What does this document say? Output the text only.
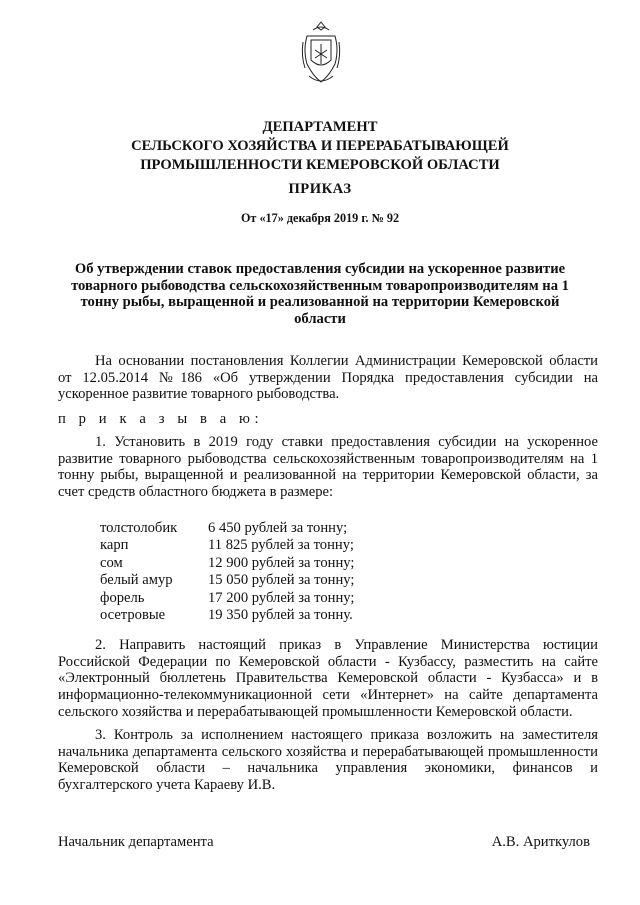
ДЕПАРТАМЕНТ
СЕЛЬСКОГО ХОЗЯЙСТВА И ПЕРЕРАБАТЫВАЮЩЕЙ
ПРОМЫШЛЕННОСТИ КЕМЕРОВСКОЙ ОБЛАСТИ
ПРИКАЗ
От «17» декабря 2019 г. № 92
Об утверждении ставок предоставления субсидии на ускоренное развитие товарного рыбоводства сельскохозяйственным товаропроизводителям на 1 тонну рыбы, выращенной и реализованной на территории Кемеровской области
На основании постановления Коллегии Администрации Кемеровской области от 12.05.2014 №186 «Об утверждении Порядка предоставления субсидии на ускоренное развитие товарного рыбоводства.
п р и к а з ы в а ю:
1. Установить в 2019 году ставки предоставления субсидии на ускоренное развитие товарного рыбоводства сельскохозяйственным товаропроизводителям на 1 тонну рыбы, выращенной и реализованной на территории Кемеровской области, за счет средств областного бюджета в размере:
толстолобик	6 450 рублей за тонну;
карп	11 825 рублей за тонну;
сом	12 900 рублей за тонну;
белый амур	15 050 рублей за тонну;
форель	17 200 рублей за тонну;
осетровые	19 350 рублей за тонну.
2. Направить настоящий приказ в Управление Министерства юстиции Российской Федерации по Кемеровской области - Кузбассу, разместить на сайте «Электронный бюллетень Правительства Кемеровской области - Кузбасса» и в информационно-телекоммуникационной сети «Интернет» на сайте департамента сельского хозяйства и перерабатывающей промышленности Кемеровской области.
3. Контроль за исполнением настоящего приказа возложить на заместителя начальника департамента сельского хозяйства и перерабатывающей промышленности Кемеровской области – начальника управления экономики, финансов и бухгалтерского учета Караеву И.В.
Начальник департамента	А.В. Ариткулов
